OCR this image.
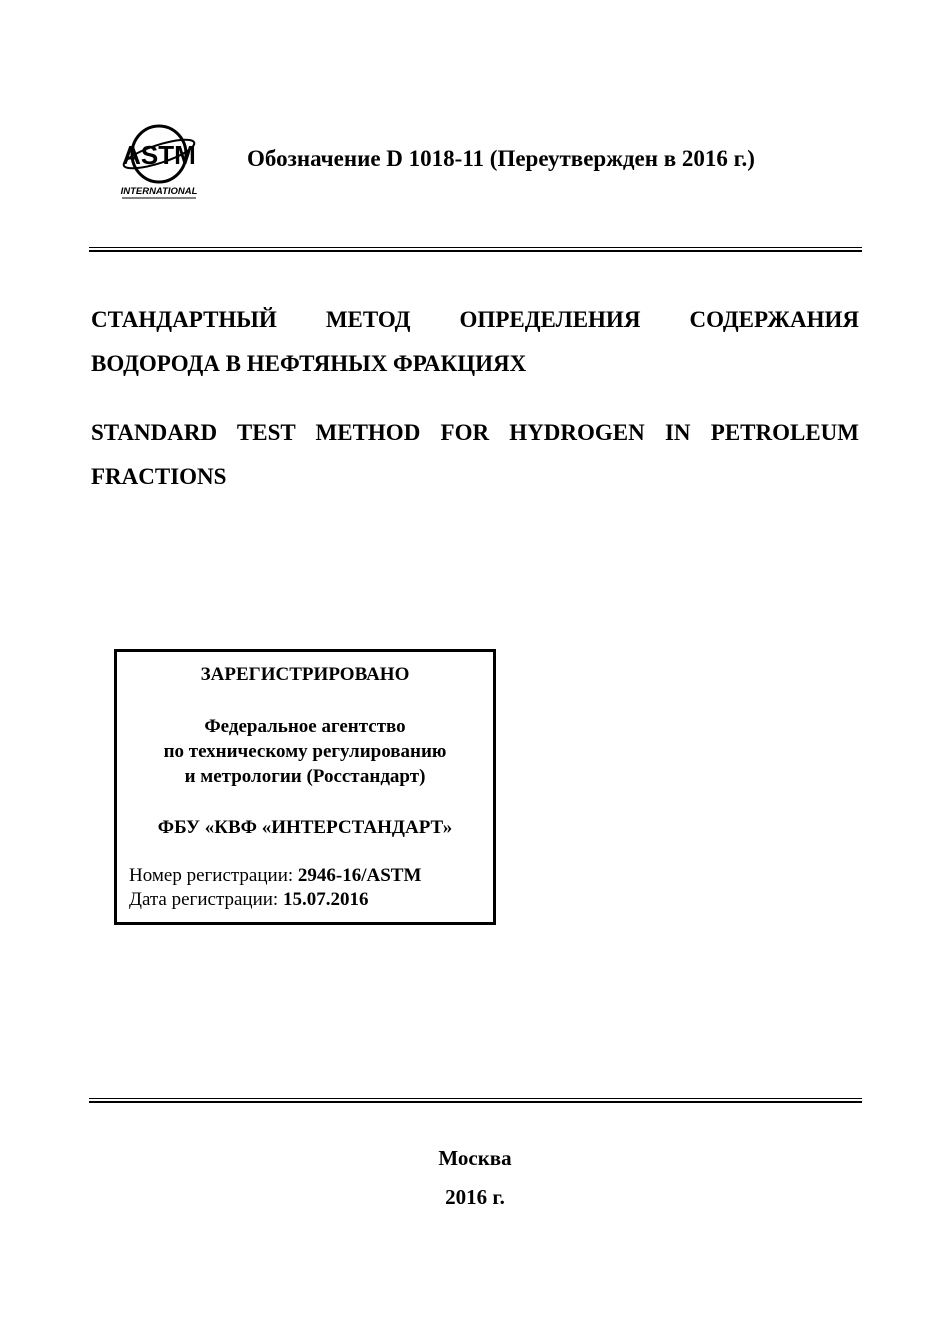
ASTM
INTERNATIONAL
Обозначение D 1018-11 (Переутвержден в 2016 г.)
СТАНДАРТНЫЙ МЕТОД ОПРЕДЕЛЕНИЯ СОДЕРЖАНИЯ ВОДОРОДА В НЕФТЯНЫХ ФРАКЦИЯХ
STANDARD TEST METHOD FOR HYDROGEN IN PETROLEUM FRACTIONS
ЗАРЕГИСТРИРОВАНО
Федеральное агентство
по техническому регулированию
и метрологии (Росстандарт)
ФБУ «КВФ «ИНТЕРСТАНДАРТ»
Номер регистрации: 2946-16/ASTM
Дата регистрации: 15.07.2016
Москва
2016 г.
